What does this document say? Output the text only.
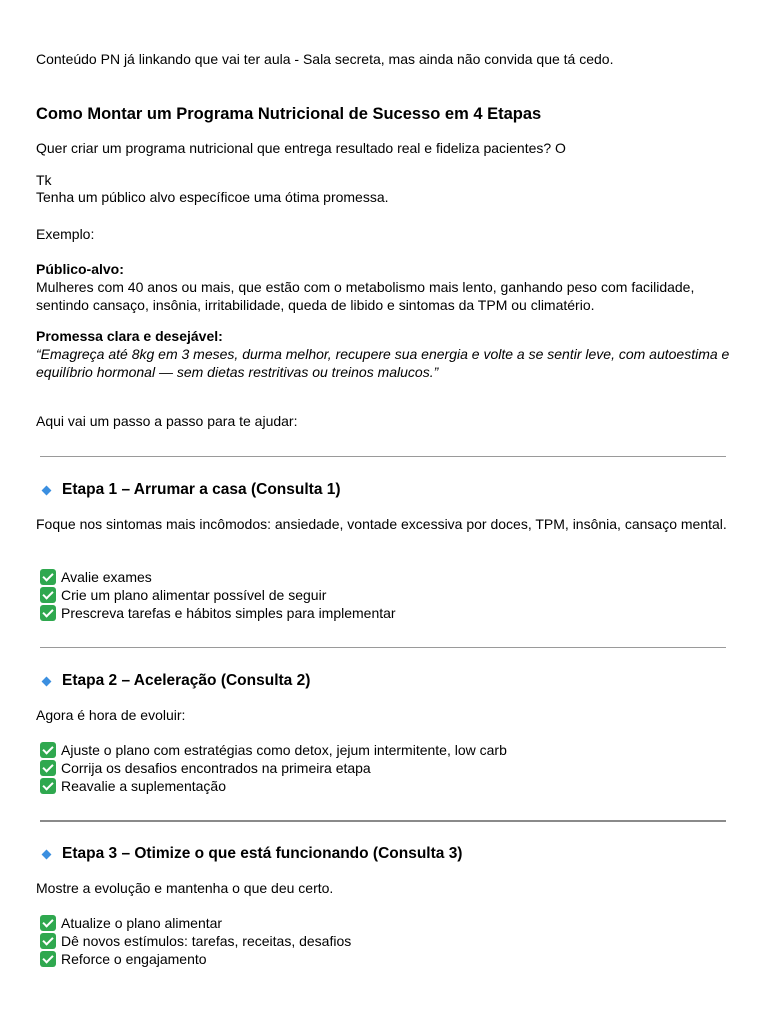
Conteúdo PN já linkando que vai ter aula - Sala secreta, mas ainda não convida que tá cedo.

Como Montar um Programa Nutricional de Sucesso em 4 Etapas

Quer criar um programa nutricional que entrega resultado real e fideliza pacientes? O

Tk

Tenha um público alvo específicoe uma ótima promessa.

Exemplo:

Público-alvo:
Mulheres com 40 anos ou mais, que estão com o metabolismo mais lento, ganhando peso com facilidade, sentindo cansaço, insônia, irritabilidade, queda de libido e sintomas da TPM ou climatério.

Promessa clara e desejável:
“Emagreça até 8kg em 3 meses, durma melhor, recupere sua energia e volte a se sentir leve, com autoestima e equilíbrio hormonal — sem dietas restritivas ou treinos malucos.”

Aqui vai um passo a passo para te ajudar:

Etapa 1 – Arrumar a casa (Consulta 1)

Foque nos sintomas mais incômodos: ansiedade, vontade excessiva por doces, TPM, insônia, cansaço mental.

Avalie exames
Crie um plano alimentar possível de seguir
Prescreva tarefas e hábitos simples para implementar
Etapa 2 – Aceleração (Consulta 2)

Agora é hora de evoluir:

Ajuste o plano com estratégias como detox, jejum intermitente, low carb
Corrija os desafios encontrados na primeira etapa
Reavalie a suplementação
Etapa 3 – Otimize o que está funcionando (Consulta 3)

Mostre a evolução e mantenha o que deu certo.

Atualize o plano alimentar
Dê novos estímulos: tarefas, receitas, desafios
Reforce o engajamento
